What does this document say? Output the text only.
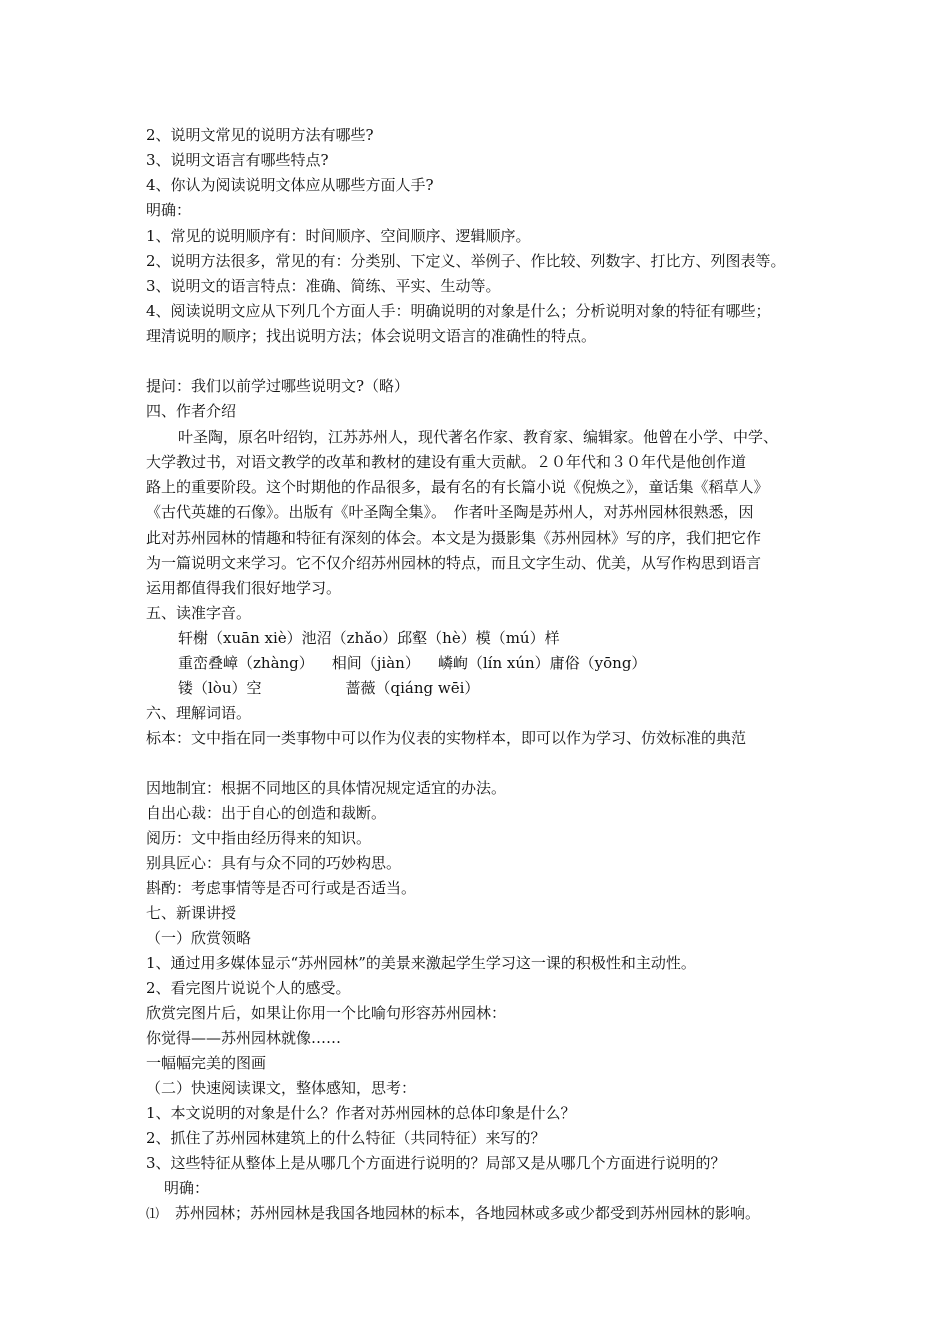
2、说明文常见的说明方法有哪些?
3、说明文语言有哪些特点?
4、你认为阅读说明文体应从哪些方面人手?
明确：
1、常见的说明顺序有：时间顺序、空间顺序、逻辑顺序。
2、说明方法很多，常见的有：分类别、下定义、举例子、作比较、列数字、打比方、列图表等。
3、说明文的语言特点：准确、简练、平实、生动等。
4、阅读说明文应从下列几个方面人手：明确说明的对象是什么；分析说明对象的特征有哪些；
理清说明的顺序；找出说明方法；体会说明文语言的准确性的特点。
提问：我们以前学过哪些说明文?（略）
四、作者介绍
叶圣陶，原名叶绍钧，江苏苏州人，现代著名作家、教育家、编辑家。他曾在小学、中学、
大学教过书，对语文教学的改革和教材的建设有重大贡献。２０年代和３０年代是他创作道
路上的重要阶段。这个时期他的作品很多，最有名的有长篇小说《倪焕之》，童话集《稻草人》
《古代英雄的石像》。出版有《叶圣陶全集》。　作者叶圣陶是苏州人，对苏州园林很熟悉，因
此对苏州园林的情趣和特征有深刻的体会。本文是为摄影集《苏州园林》写的序，我们把它作
为一篇说明文来学习。它不仅介绍苏州园林的特点，而且文字生动、优美，从写作构思到语言
运用都值得我们很好地学习。
五、读准字音。
轩榭（xuān xiè）池沼（zhǎo）邱壑（hè）模（mú）样
重峦叠嶂（zhàng） 相间（jiàn） 嶙峋（lín xún）庸俗（yōng）
镂（lòu）空	蔷薇（qiáng wēi）
六、理解词语。
标本：文中指在同一类事物中可以作为仪表的实物样本，即可以作为学习、仿效标准的典范
因地制宜：根据不同地区的具体情况规定适宜的办法。
自出心裁：出于自心的创造和裁断。
阅历：文中指由经历得来的知识。
别具匠心：具有与众不同的巧妙构思。
斟酌：考虑事情等是否可行或是否适当。
七、新课讲授
（一）欣赏领略
1、通过用多媒体显示“苏州园林”的美景来激起学生学习这一课的积极性和主动性。
2、看完图片说说个人的感受。
欣赏完图片后，如果让你用一个比喻句形容苏州园林：
你觉得——苏州园林就像……
一幅幅完美的图画
（二）快速阅读课文，整体感知，思考：
1、本文说明的对象是什么？作者对苏州园林的总体印象是什么？
2、抓住了苏州园林建筑上的什么特征（共同特征）来写的？
3、这些特征从整体上是从哪几个方面进行说明的？局部又是从哪几个方面进行说明的？
明确：
⑴ 苏州园林；苏州园林是我国各地园林的标本，各地园林或多或少都受到苏州园林的影响。
